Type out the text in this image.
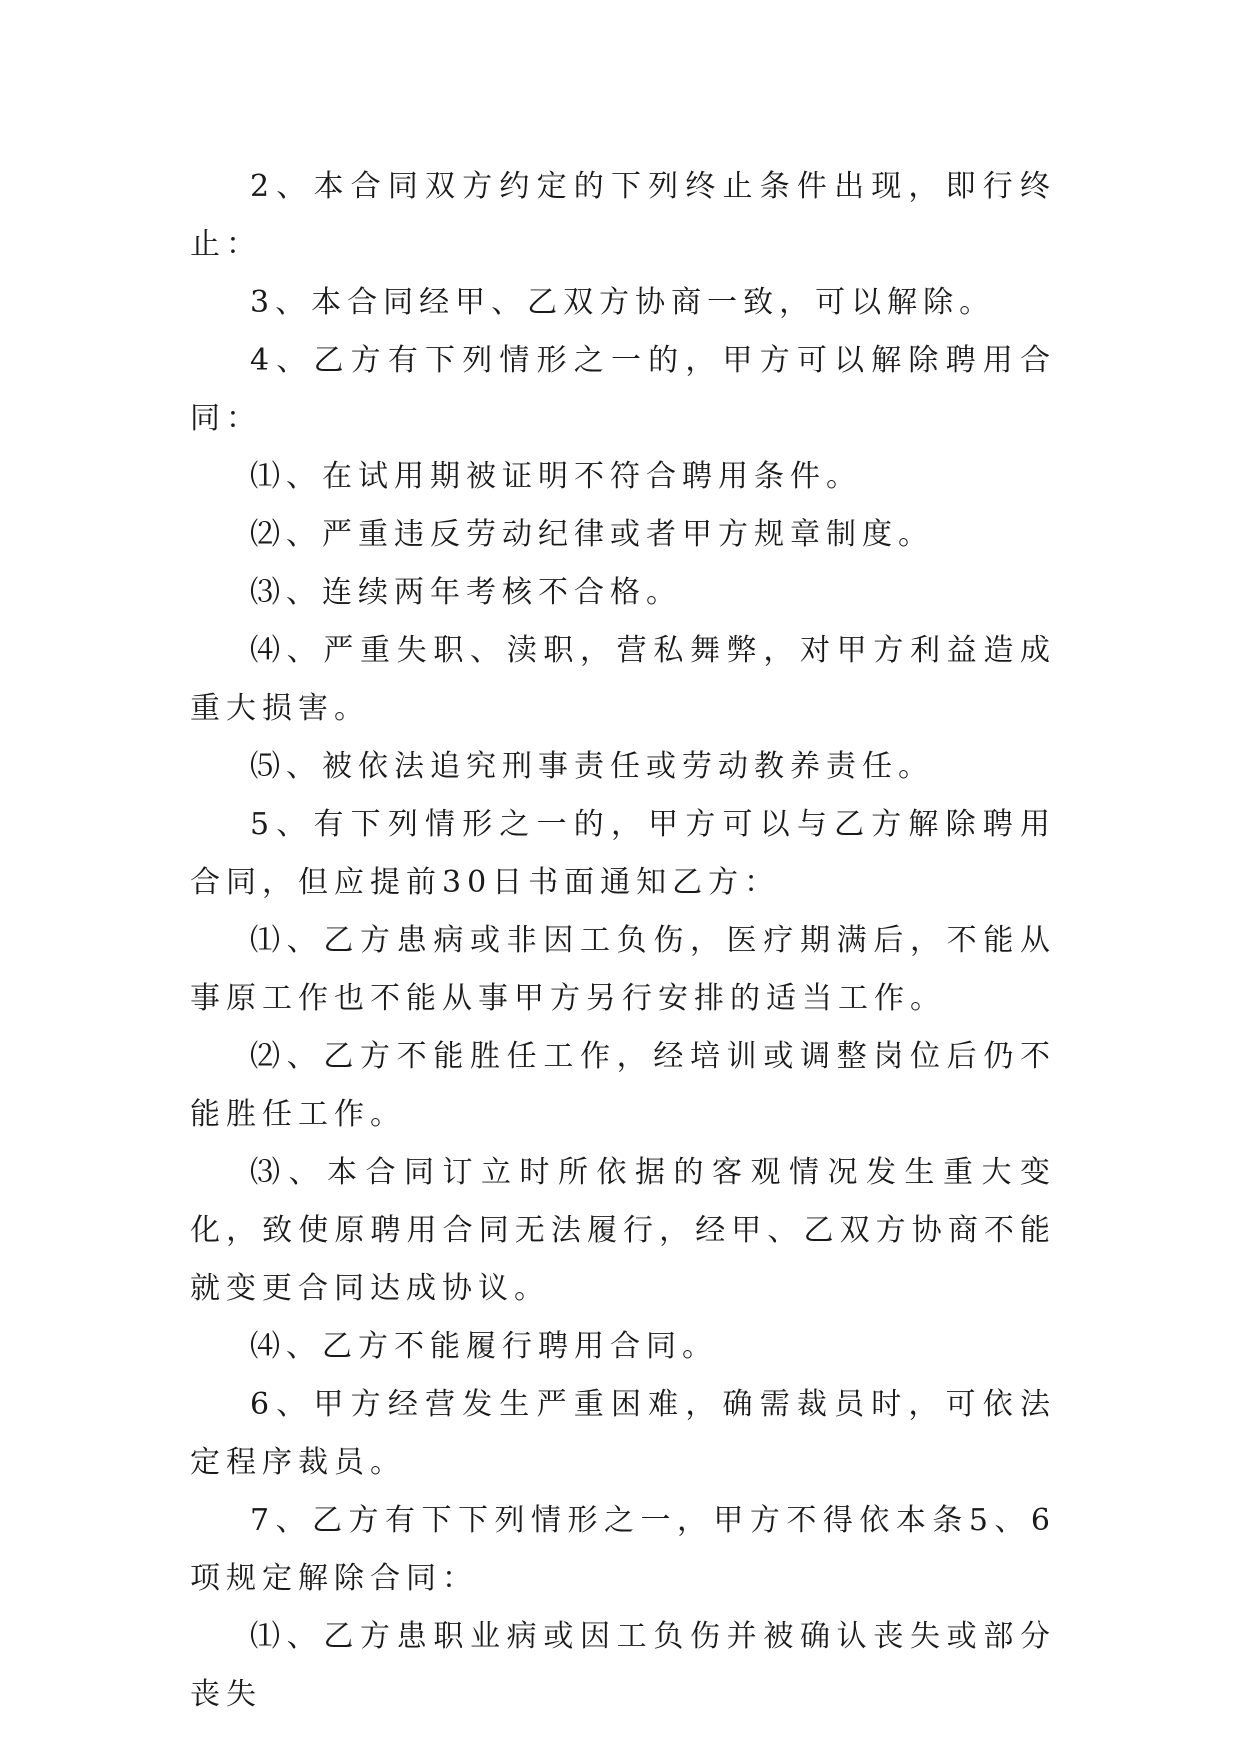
2、本合同双方约定的下列终止条件出现，即行终止：

3、本合同经甲、乙双方协商一致，可以解除。

4、乙方有下列情形之一的，甲方可以解除聘用合同：

⑴、在试用期被证明不符合聘用条件。

⑵、严重违反劳动纪律或者甲方规章制度。

⑶、连续两年考核不合格。

⑷、严重失职、渎职，营私舞弊，对甲方利益造成重大损害。

⑸、被依法追究刑事责任或劳动教养责任。

5、有下列情形之一的，甲方可以与乙方解除聘用合同，但应提前30日书面通知乙方：

⑴、乙方患病或非因工负伤，医疗期满后，不能从事原工作也不能从事甲方另行安排的适当工作。

⑵、乙方不能胜任工作，经培训或调整岗位后仍不能胜任工作。

⑶、本合同订立时所依据的客观情况发生重大变化，致使原聘用合同无法履行，经甲、乙双方协商不能就变更合同达成协议。

⑷、乙方不能履行聘用合同。

6、甲方经营发生严重困难，确需裁员时，可依法定程序裁员。

7、乙方有下下列情形之一，甲方不得依本条5、6项规定解除合同：

⑴、乙方患职业病或因工负伤并被确认丧失或部分丧失
